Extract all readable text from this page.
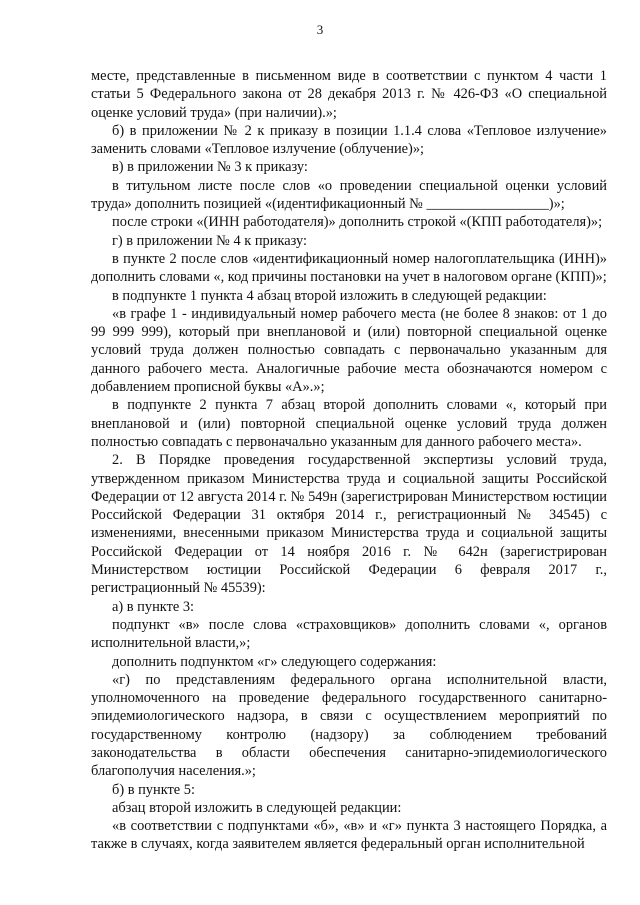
3

месте, представленные в письменном виде в соответствии с пунктом 4 части 1 статьи 5 Федерального закона от 28 декабря 2013 г. № 426-ФЗ «О специальной оценке условий труда» (при наличии).»;

б) в приложении № 2 к приказу в позиции 1.1.4 слова «Тепловое излучение» заменить словами «Тепловое излучение (облучение)»;

в) в приложении № 3 к приказу:

в титульном листе после слов «о проведении специальной оценки условий труда» дополнить позицией «(идентификационный № _________________)»;

после строки «(ИНН работодателя)» дополнить строкой «(КПП работодателя)»;

г) в приложении № 4 к приказу:

в пункте 2 после слов «идентификационный номер налогоплательщика (ИНН)» дополнить словами «, код причины постановки на учет в налоговом органе (КПП)»;

в подпункте 1 пункта 4 абзац второй изложить в следующей редакции:

«в графе 1 - индивидуальный номер рабочего места (не более 8 знаков: от 1 до 99 999 999), который при внеплановой и (или) повторной специальной оценке условий труда должен полностью совпадать с первоначально указанным для данного рабочего места. Аналогичные рабочие места обозначаются номером с добавлением прописной буквы «А».»;

в подпункте 2 пункта 7 абзац второй дополнить словами «, который при внеплановой и (или) повторной специальной оценке условий труда должен полностью совпадать с первоначально указанным для данного рабочего места».

2. В Порядке проведения государственной экспертизы условий труда, утвержденном приказом Министерства труда и социальной защиты Российской Федерации от 12 августа 2014 г. № 549н (зарегистрирован Министерством юстиции Российской Федерации 31 октября 2014 г., регистрационный № 34545) с изменениями, внесенными приказом Министерства труда и социальной защиты Российской Федерации от 14 ноября 2016 г. № 642н (зарегистрирован Министерством юстиции Российской Федерации 6 февраля 2017 г., регистрационный № 45539):

а) в пункте 3:

подпункт «в» после слова «страховщиков» дополнить словами «, органов исполнительной власти,»;

дополнить подпунктом «г» следующего содержания:

«г) по представлениям федерального органа исполнительной власти, уполномоченного на проведение федерального государственного санитарно-эпидемиологического надзора, в связи с осуществлением мероприятий по государственному контролю (надзору) за соблюдением требований законодательства в области обеспечения санитарно-эпидемиологического благополучия населения.»;

б) в пункте 5:

абзац второй изложить в следующей редакции:

«в соответствии с подпунктами «б», «в» и «г» пункта 3 настоящего Порядка, а также в случаях, когда заявителем является федеральный орган исполнительной
